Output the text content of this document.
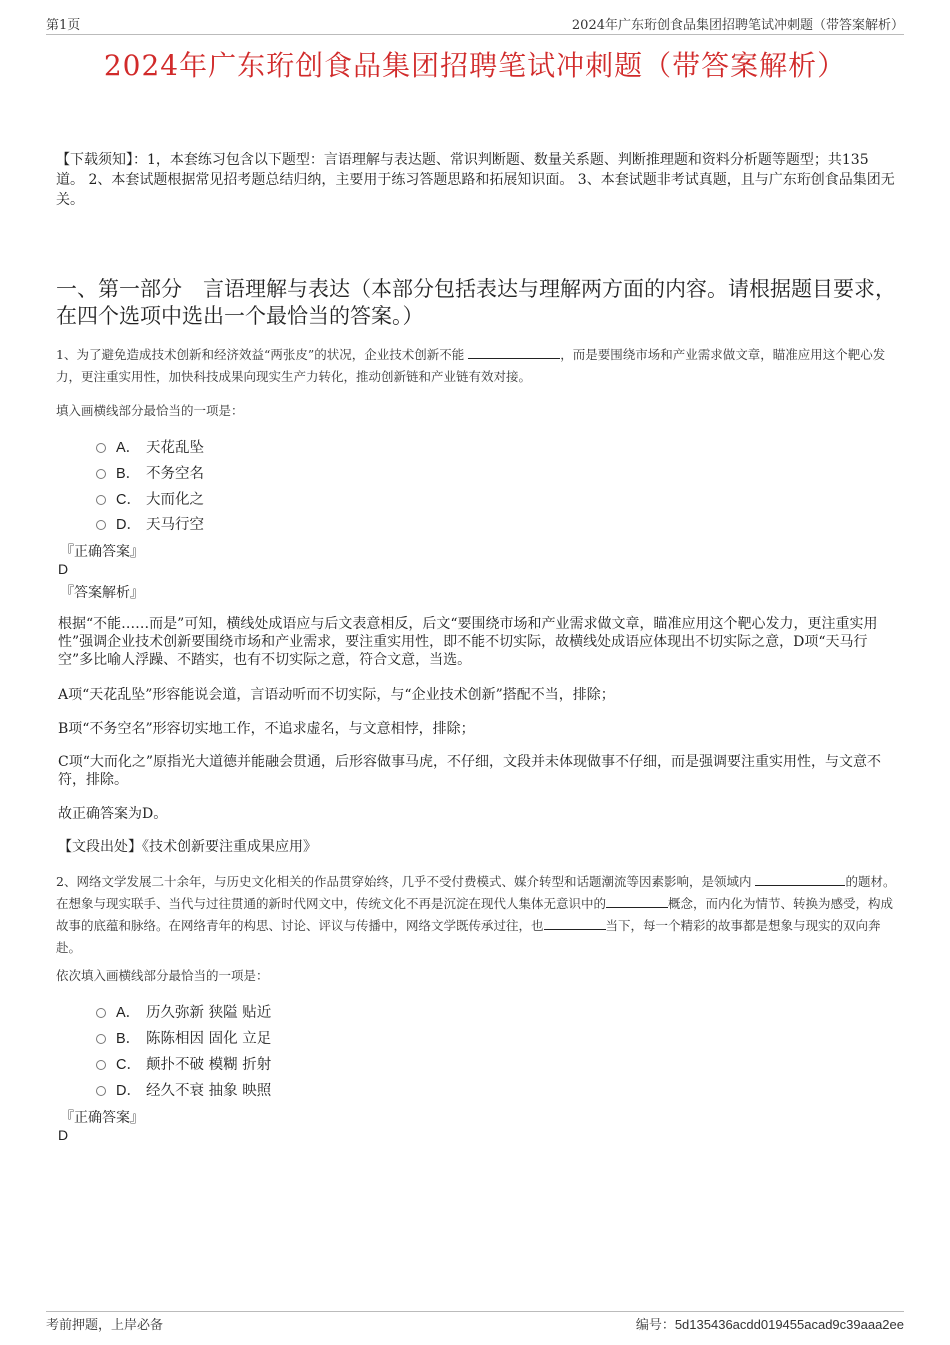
第1页	2024年广东珩创食品集团招聘笔试冲刺题（带答案解析）
2024年广东珩创食品集团招聘笔试冲刺题（带答案解析）
【下载须知】：1，本套练习包含以下题型：言语理解与表达题、常识判断题、数量关系题、判断推理题和资料分析题等题型；共135道。 2、本套试题根据常见招考题总结归纳，主要用于练习答题思路和拓展知识面。 3、本套试题非考试真题，且与广东珩创食品集团无关。
一、第一部分　言语理解与表达（本部分包括表达与理解两方面的内容。请根据题目要求，在四个选项中选出一个最恰当的答案。）
1、为了避免造成技术创新和经济效益“两张皮”的状况，企业技术创新不能	，而是要围绕市场和产业需求做文章，瞄准应用这个靶心发力，更注重实用性，加快科技成果向现实生产力转化，推动创新链和产业链有效对接。
填入画横线部分最恰当的一项是：
A． 天花乱坠
B． 不务空名
C． 大而化之
D． 天马行空
『正确答案』
D
『答案解析』
根据“不能……而是”可知，横线处成语应与后文表意相反，后文“要围绕市场和产业需求做文章，瞄准应用这个靶心发力，更注重实用性”强调企业技术创新要围绕市场和产业需求，要注重实用性，即不能不切实际，故横线处成语应体现出不切实际之意，D项“天马行空”多比喻人浮躁、不踏实，也有不切实际之意，符合文意，当选。
A项“天花乱坠”形容能说会道，言语动听而不切实际，与“企业技术创新”搭配不当，排除；
B项“不务空名”形容切实地工作，不追求虚名，与文意相悖，排除；
C项“大而化之”原指光大道德并能融会贯通，后形容做事马虎，不仔细，文段并未体现做事不仔细，而是强调要注重实用性，与文意不符，排除。
故正确答案为D。
【文段出处】《技术创新要注重成果应用》
2、网络文学发展二十余年，与历史文化相关的作品贯穿始终，几乎不受付费模式、媒介转型和话题潮流等因素影响，是领域内	的题材。在想象与现实联手、当代与过往贯通的新时代网文中，传统文化不再是沉淀在现代人集体无意识中的	概念，而内化为情节、转换为感受，构成故事的底蕴和脉络。在网络青年的构思、讨论、评议与传播中，网络文学既传承过往，也	当下，每一个精彩的故事都是想象与现实的双向奔赴。
依次填入画横线部分最恰当的一项是：
A． 历久弥新 狭隘 贴近
B． 陈陈相因 固化 立足
C． 颠扑不破 模糊 折射
D． 经久不衰 抽象 映照
『正确答案』
D
考前押题，上岸必备	编号：5d135436acdd019455acad9c39aaa2ee
